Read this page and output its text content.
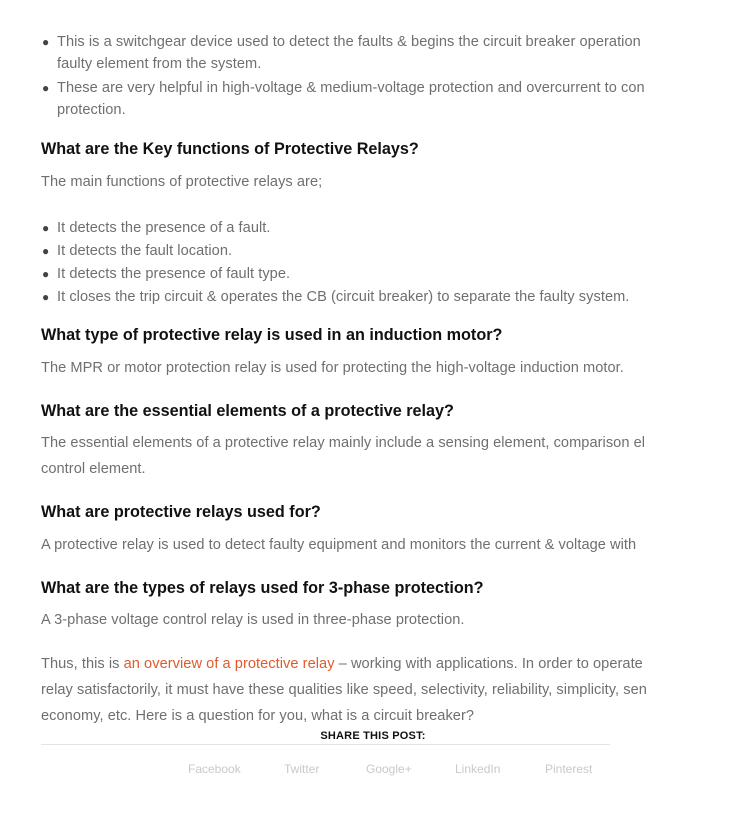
● This is a switchgear device used to detect the faults & begins the circuit breaker operation
faulty element from the system.
● These are very helpful in high-voltage & medium-voltage protection and overcurrent to con
protection.
What are the Key functions of Protective Relays?

The main functions of protective relays are;

● It detects the presence of a fault.
● It detects the fault location.
● It detects the presence of fault type.
● It closes the trip circuit & operates the CB (circuit breaker) to separate the faulty system.
What type of protective relay is used in an induction motor?

The MPR or motor protection relay is used for protecting the high-voltage induction motor.

What are the essential elements of a protective relay?

The essential elements of a protective relay mainly include a sensing element, comparison el

control element.

What are protective relays used for?

A protective relay is used to detect faulty equipment and monitors the current & voltage with

What are the types of relays used for 3-phase protection?

A 3-phase voltage control relay is used in three-phase protection.

Thus, this is an overview of a protective relay – working with applications. In order to operate

relay satisfactorily, it must have these qualities like speed, selectivity, reliability, simplicity, sen

economy, etc. Here is a question for you, what is a circuit breaker?

SHARE THIS POST:
Facebook	Twitter	Google+	LinkedIn	Pinterest
